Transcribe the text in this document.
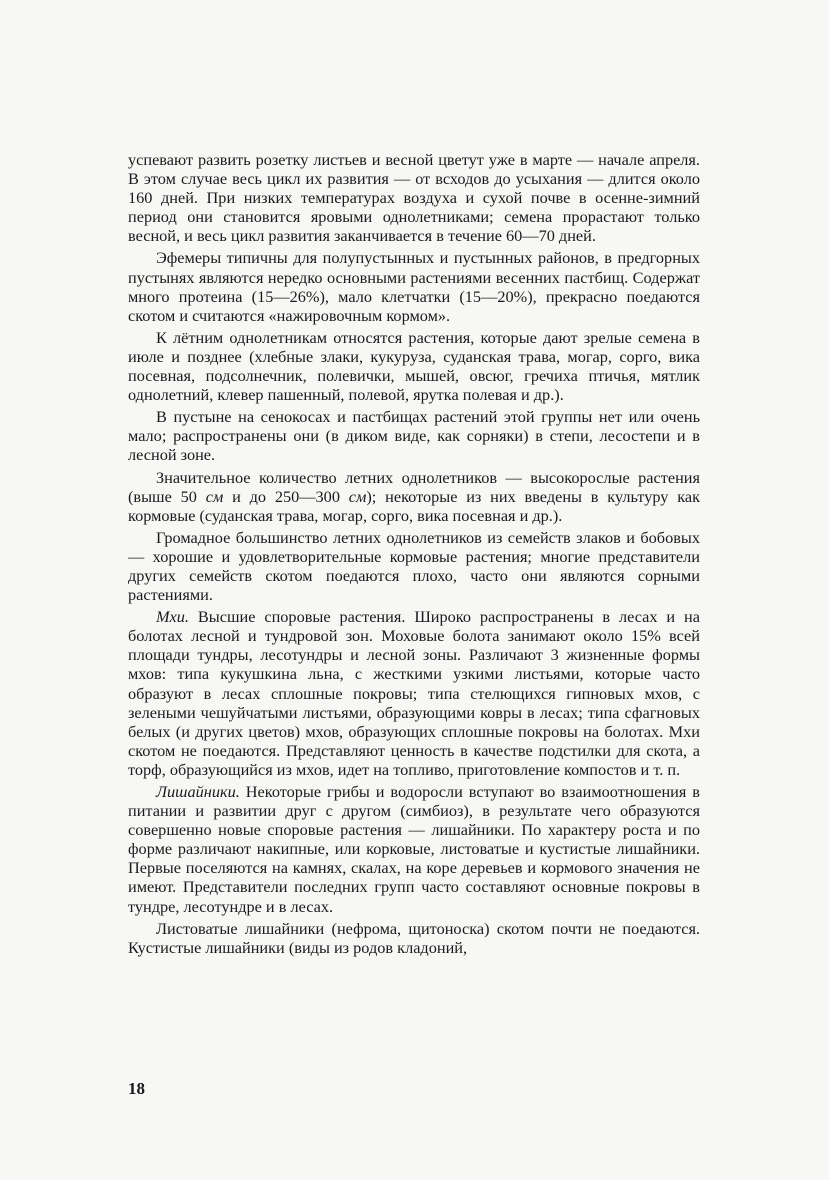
успевают развить розетку листьев и весной цветут уже в марте — начале апреля. В этом случае весь цикл их развития — от всходов до усыхания — длится около 160 дней. При низких температурах воздуха и сухой почве в осенне-зимний период они становится яровыми однолетниками; семена прорастают только весной, и весь цикл развития заканчивается в течение 60—70 дней.

Эфемеры типичны для полупустынных и пустынных районов, в предгорных пустынях являются нередко основными растениями весенних пастбищ. Содержат много протеина (15—26%), мало клетчатки (15—20%), прекрасно поедаются скотом и считаются «нажировочным кормом».

К лётним однолетникам относятся растения, которые дают зрелые семена в июле и позднее (хлебные злаки, кукуруза, суданская трава, могар, сорго, вика посевная, подсолнечник, полевички, мышей, овсюг, гречиха птичья, мятлик однолетний, клевер пашенный, полевой, ярутка полевая и др.).

В пустыне на сенокосах и пастбищах растений этой группы нет или очень мало; распространены они (в диком виде, как сорняки) в степи, лесостепи и в лесной зоне.

Значительное количество летних однолетников — высокорослые растения (выше 50 см и до 250—300 см); некоторые из них введены в культуру как кормовые (суданская трава, могар, сорго, вика посевная и др.).

Громадное большинство летних однолетников из семейств злаков и бобовых — хорошие и удовлетворительные кормовые растения; многие представители других семейств скотом поедаются плохо, часто они являются сорными растениями.

Мхи. Высшие споровые растения. Широко распространены в лесах и на болотах лесной и тундровой зон. Моховые болота занимают около 15% всей площади тундры, лесотундры и лесной зоны. Различают 3 жизненные формы мхов: типа кукушкина льна, с жесткими узкими листьями, которые часто образуют в лесах сплошные покровы; типа стелющихся гипновых мхов, с зелеными чешуйчатыми листьями, образующими ковры в лесах; типа сфагновых белых (и других цветов) мхов, образующих сплошные покровы на болотах. Мхи скотом не поедаются. Представляют ценность в качестве подстилки для скота, а торф, образующийся из мхов, идет на топливо, приготовление компостов и т. п.

Лишайники. Некоторые грибы и водоросли вступают во взаимоотношения в питании и развитии друг с другом (симбиоз), в результате чего образуются совершенно новые споровые растения — лишайники. По характеру роста и по форме различают накипные, или корковые, листоватые и кустистые лишайники. Первые поселяются на камнях, скалах, на коре деревьев и кормового значения не имеют. Представители последних групп часто составляют основные покровы в тундре, лесотундре и в лесах.

Листоватые лишайники (нефрома, щитоноска) скотом почти не поедаются. Кустистые лишайники (виды из родов кладоний,

18
